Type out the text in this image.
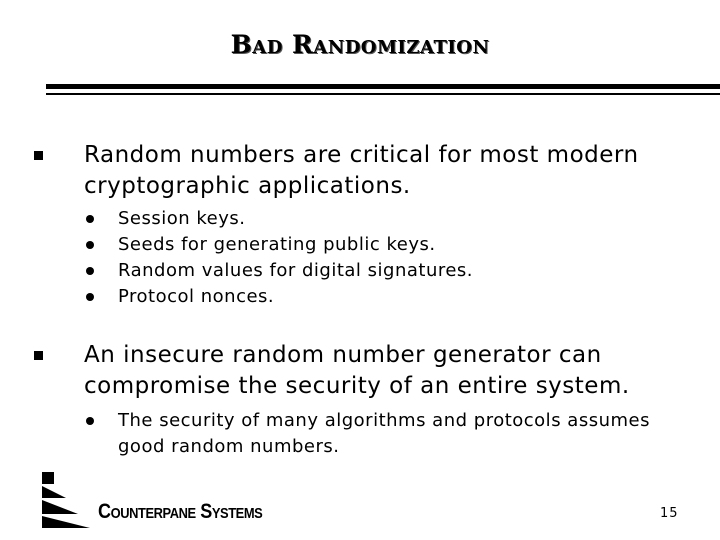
Bad Randomization
Random numbers are critical for most modern cryptographic applications.
Session keys.
Seeds for generating public keys.
Random values for digital signatures.
Protocol nonces.
An insecure random number generator can compromise the security of an entire system.
The security of many algorithms and protocols assumes good random numbers.
Counterpane Systems	15
